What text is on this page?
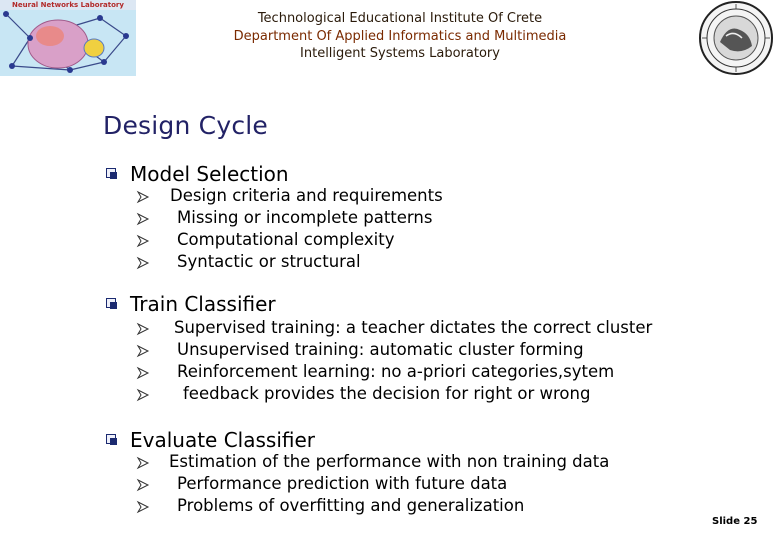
Neural Networks Laboratory
Technological Educational Institute Of Crete
Department Of Applied Informatics and Multimedia
Intelligent Systems Laboratory
Design Cycle
Model Selection
Design criteria and requirements
Missing or incomplete patterns
Computational complexity
Syntactic or structural
Train Classifier
Supervised training: a teacher dictates the correct cluster
Unsupervised training: automatic cluster forming
Reinforcement learning: no a-priori categories,sytem
feedback provides the decision for right or wrong
Evaluate Classifier
Estimation of the performance with non training data
Performance prediction with future data
Problems of overfitting and generalization
Slide 25
